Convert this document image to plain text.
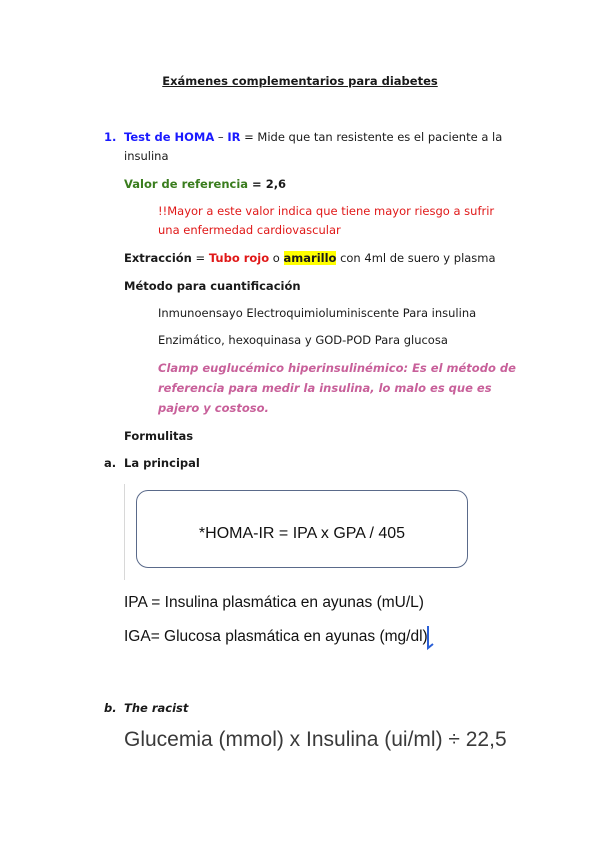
Exámenes complementarios para diabetes
1. Test de HOMA – IR = Mide que tan resistente es el paciente a la
insulina
Valor de referencia = 2,6
!!Mayor a este valor indica que tiene mayor riesgo a sufrir
una enfermedad cardiovascular
Extracción = Tubo rojo o amarillo con 4ml de suero y plasma
Método para cuantificación
Inmunoensayo Electroquimioluminiscente Para insulina
Enzimático, hexoquinasa y GOD-POD Para glucosa
Clamp euglucémico hiperinsulinémico: Es el método de
referencia para medir la insulina, lo malo es que es
pajero y costoso.
Formulitas
a. La principal
*HOMA-IR = IPA x GPA / 405
IPA = Insulina plasmática en ayunas (mU/L)
IGA= Glucosa plasmática en ayunas (mg/dl)
b. The racist
Glucemia (mmol) x Insulina (ui/ml) ÷ 22,5
